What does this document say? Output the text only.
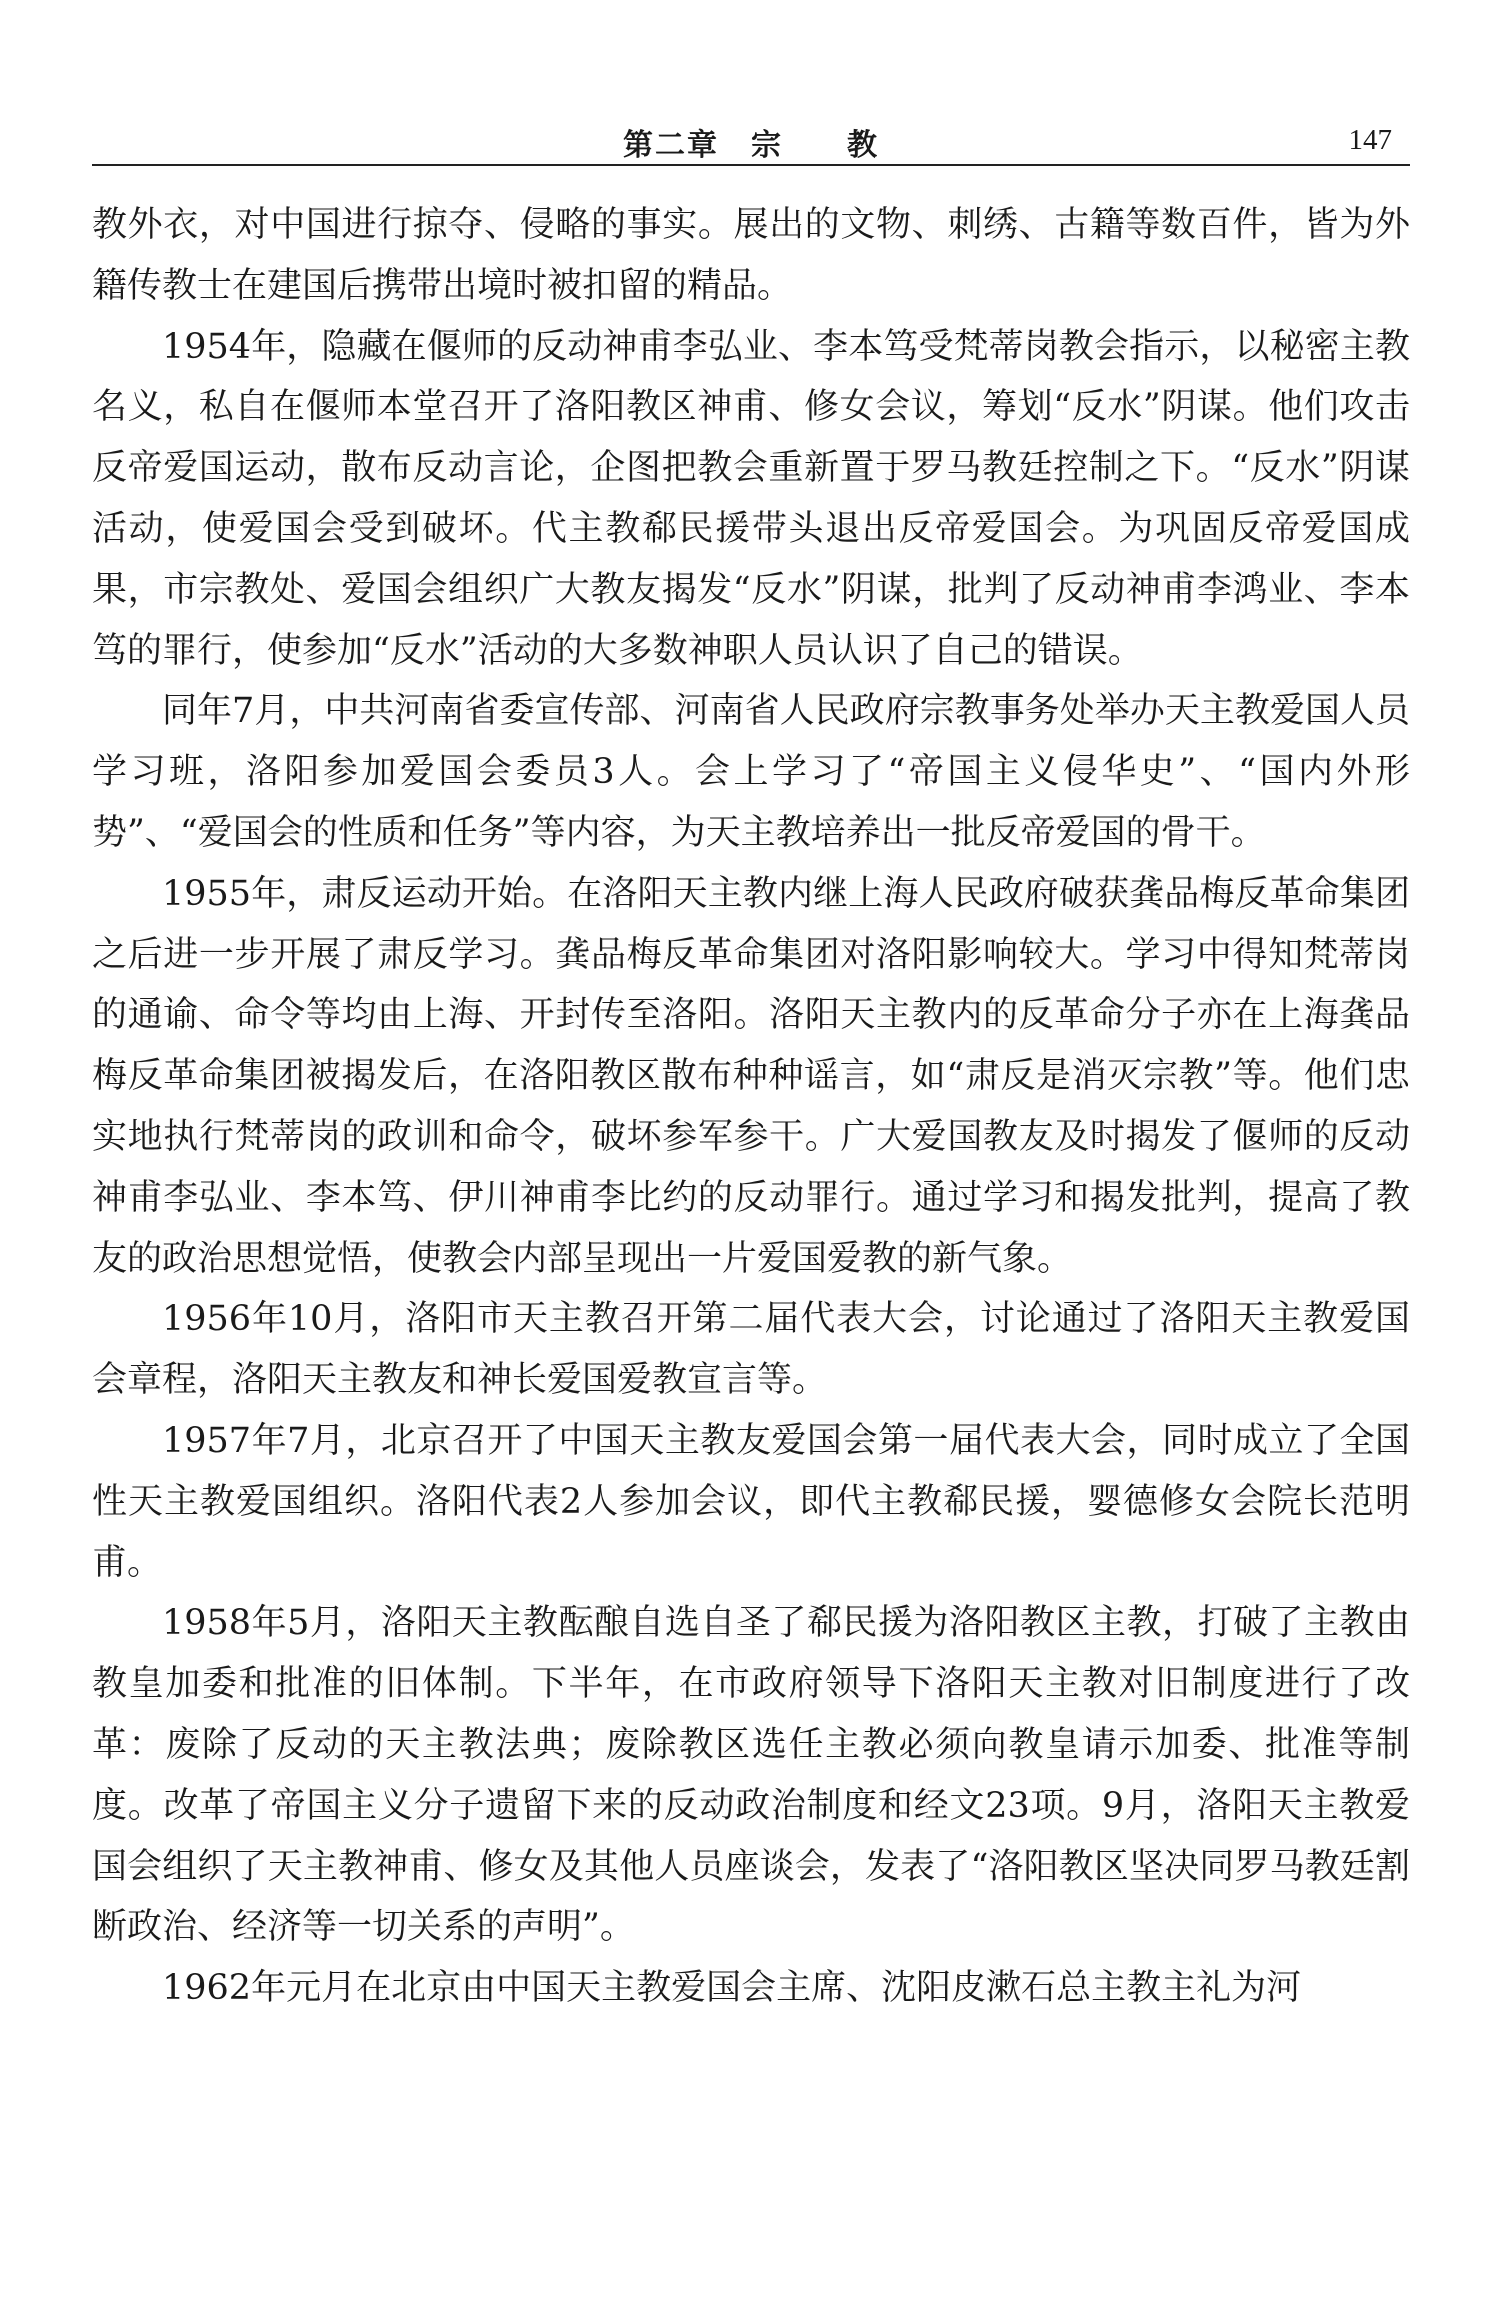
第二章　宗　　教	147

教外衣，对中国进行掠夺、侵略的事实。展出的文物、刺绣、古籍等数百件，皆为外籍传教士在建国后携带出境时被扣留的精品。

1954年，隐藏在偃师的反动神甫李弘业、李本笃受梵蒂岗教会指示，以秘密主教名义，私自在偃师本堂召开了洛阳教区神甫、修女会议，筹划“反水”阴谋。他们攻击反帝爱国运动，散布反动言论，企图把教会重新置于罗马教廷控制之下。“反水”阴谋活动，使爱国会受到破坏。代主教郗民援带头退出反帝爱国会。为巩固反帝爱国成果，市宗教处、爱国会组织广大教友揭发“反水”阴谋，批判了反动神甫李鸿业、李本笃的罪行，使参加“反水”活动的大多数神职人员认识了自己的错误。

同年7月，中共河南省委宣传部、河南省人民政府宗教事务处举办天主教爱国人员学习班，洛阳参加爱国会委员3人。会上学习了“帝国主义侵华史”、“国内外形势”、“爱国会的性质和任务”等内容，为天主教培养出一批反帝爱国的骨干。

1955年，肃反运动开始。在洛阳天主教内继上海人民政府破获龚品梅反革命集团之后进一步开展了肃反学习。龚品梅反革命集团对洛阳影响较大。学习中得知梵蒂岗的通谕、命令等均由上海、开封传至洛阳。洛阳天主教内的反革命分子亦在上海龚品梅反革命集团被揭发后，在洛阳教区散布种种谣言，如“肃反是消灭宗教”等。他们忠实地执行梵蒂岗的政训和命令，破坏参军参干。广大爱国教友及时揭发了偃师的反动神甫李弘业、李本笃、伊川神甫李比约的反动罪行。通过学习和揭发批判，提高了教友的政治思想觉悟，使教会内部呈现出一片爱国爱教的新气象。

1956年10月，洛阳市天主教召开第二届代表大会，讨论通过了洛阳天主教爱国会章程，洛阳天主教友和神长爱国爱教宣言等。

1957年7月，北京召开了中国天主教友爱国会第一届代表大会，同时成立了全国性天主教爱国组织。洛阳代表2人参加会议，即代主教郗民援，婴德修女会院长范明甫。

1958年5月，洛阳天主教酝酿自选自圣了郗民援为洛阳教区主教，打破了主教由教皇加委和批准的旧体制。下半年，在市政府领导下洛阳天主教对旧制度进行了改革：废除了反动的天主教法典；废除教区选任主教必须向教皇请示加委、批准等制度。改革了帝国主义分子遗留下来的反动政治制度和经文23项。9月，洛阳天主教爱国会组织了天主教神甫、修女及其他人员座谈会，发表了“洛阳教区坚决同罗马教廷割断政治、经济等一切关系的声明”。

1962年元月在北京由中国天主教爱国会主席、沈阳皮漱石总主教主礼为河
